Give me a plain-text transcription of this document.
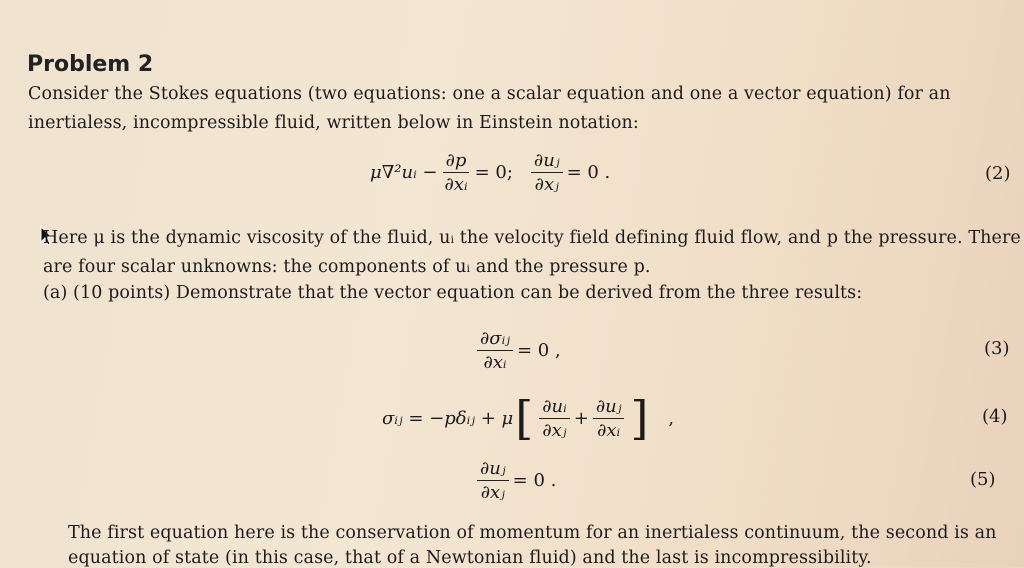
Problem 2
Consider the Stokes equations (two equations: one a scalar equation and one a vector equation) for an
inertialess, incompressible fluid, written below in Einstein notation:
μ∇²uᵢ − $\frac{\partial p}{\text{∂xᵢ}} = 0$; $\frac{\text{∂uⱼ}}{\text{∂xⱼ}} = 0$ .	(2)
Here μ is the dynamic viscosity of the fluid, uᵢ the velocity field defining fluid flow, and p the pressure. There
are four scalar unknowns: the components of uᵢ and the pressure p.
(a) (10 points) Demonstrate that the vector equation can be derived from the three results:
$\frac{\text{∂σᵢⱼ}}{\text{∂xᵢ}} = 0$ ,	(3)
σᵢⱼ = −pδᵢⱼ + μ [ $\frac{\text{∂uᵢ}}{\text{∂xⱼ}} + \frac{\text{∂uⱼ}}{\text{∂xᵢ}}$ ] ,	(4)
$\frac{\text{∂uⱼ}}{\text{∂xⱼ}} = 0$ .	(5)
The first equation here is the conservation of momentum for an inertialess continuum, the second is an
equation of state (in this case, that of a Newtonian fluid) and the last is incompressibility.
